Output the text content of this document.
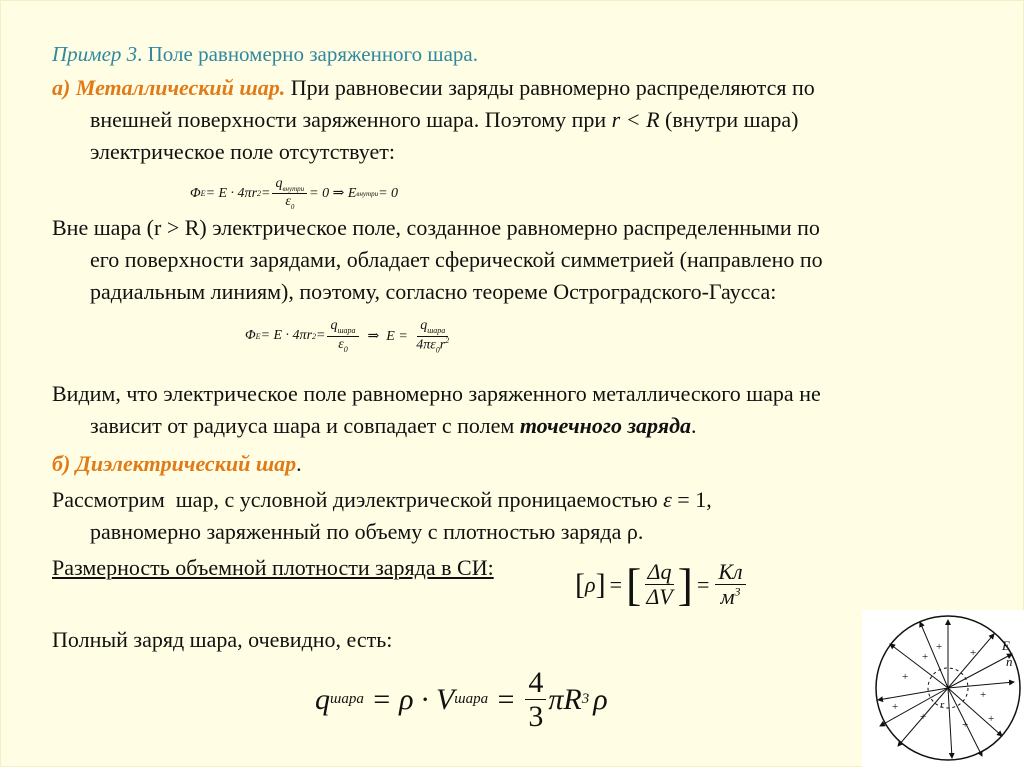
Пример 3. Поле равномерно заряженного шара.
а) Металлический шар. При равновесии заряды равномерно распределяются по
внешней поверхности заряженного шара. Поэтому при r < R (внутри шара)
электрическое поле отсутствует:
Φ E = E · 4πr $2 = \frac{q_{внутри}}{\varepsilon_0} = 0$ ⇒ E внутри = 0
Вне шара (r > R) электрическое поле, созданное равномерно распределенными по
его поверхности зарядами, обладает сферической симметрией (направлено по
радиальным линиям), поэтому, согласно теореме Остроградского-Гаусса:
Φ E = E · 4πr $2 = \frac{q_{шара}}{\varepsilon_0}$ ⇒  $E = \frac{q_{шара}}{4\pi\varepsilon_0r^2}$
Видим, что электрическое поле равномерно заряженного металлического шара не
зависит от радиуса шара и совпадает с полем точечного заряда.
б) Диэлектрический шар.
Рассмотрим  шар, с условной диэлектрической проницаемостью ε = 1,
равномерно заряженный по объему с плотностью заряда ρ.
Размерность объемной плотности заряда в СИ:
[ ρ ] = [ $\frac{\Delta q}{\Delta V}$ ] = $\frac{Кл}{м^3}$
Полный заряд шара, очевидно, есть:
q шара = ρ · V шара = $\frac{4}{3}$ πR 3 ρ
+	+
+
+
+
+
+
+
+
E
n
r
